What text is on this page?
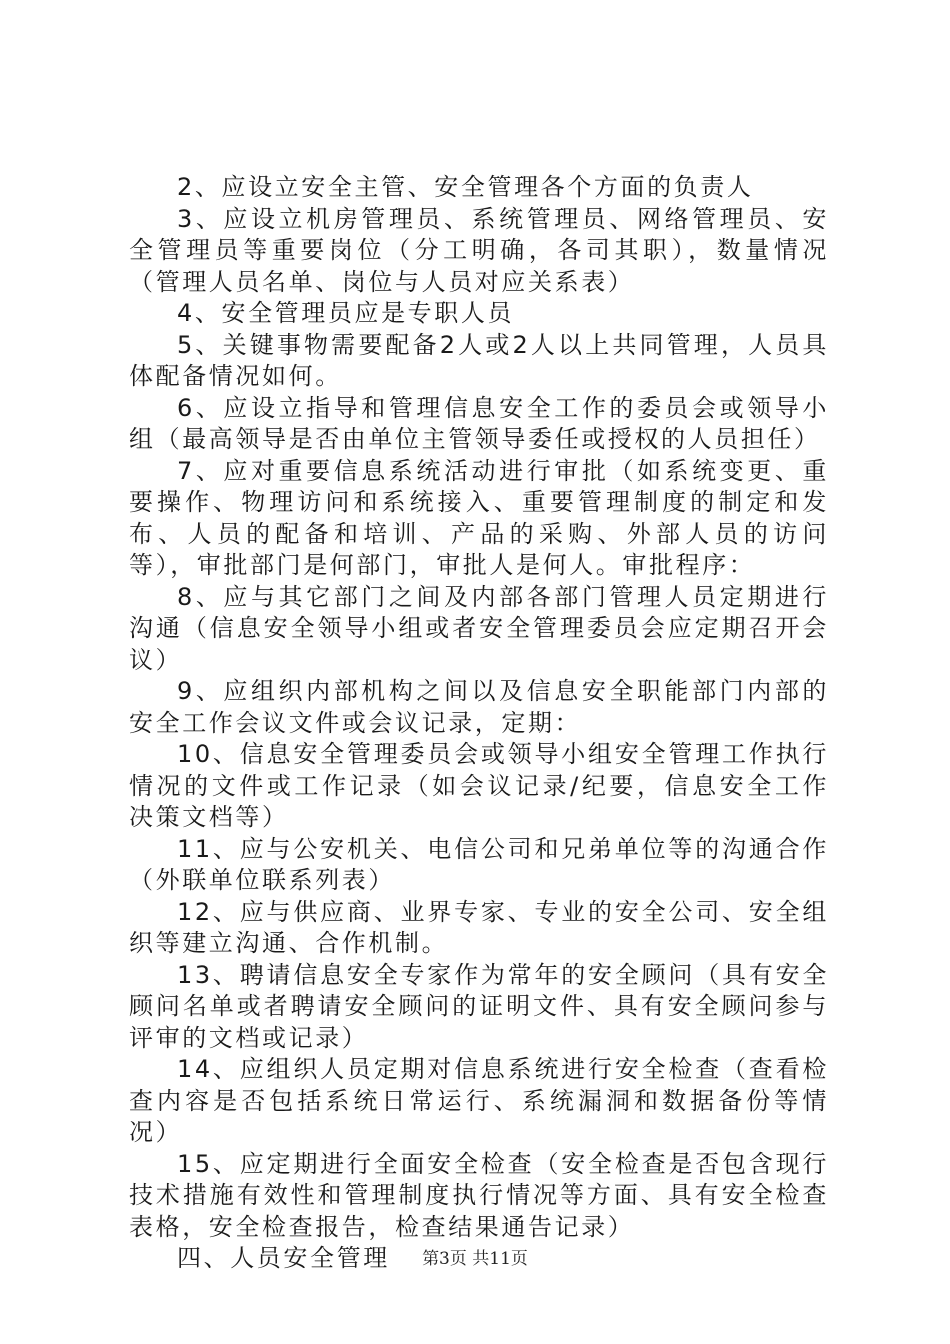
2、应设立安全主管、安全管理各个方面的负责人

3、应设立机房管理员、系统管理员、网络管理员、安全管理员等重要岗位（分工明确，各司其职），数量情况（管理人员名单、岗位与人员对应关系表）

4、安全管理员应是专职人员

5、关键事物需要配备2人或2人以上共同管理，人员具体配备情况如何。

6、应设立指导和管理信息安全工作的委员会或领导小组（最高领导是否由单位主管领导委任或授权的人员担任）

7、应对重要信息系统活动进行审批（如系统变更、重要操作、物理访问和系统接入、重要管理制度的制定和发布、人员的配备和培训、产品的采购、外部人员的访问等），审批部门是何部门，审批人是何人。审批程序：

8、应与其它部门之间及内部各部门管理人员定期进行沟通（信息安全领导小组或者安全管理委员会应定期召开会议）

9、应组织内部机构之间以及信息安全职能部门内部的安全工作会议文件或会议记录，定期：

10、信息安全管理委员会或领导小组安全管理工作执行情况的文件或工作记录（如会议记录/纪要，信息安全工作决策文档等）

11、应与公安机关、电信公司和兄弟单位等的沟通合作（外联单位联系列表）

12、应与供应商、业界专家、专业的安全公司、安全组织等建立沟通、合作机制。

13、聘请信息安全专家作为常年的安全顾问（具有安全顾问名单或者聘请安全顾问的证明文件、具有安全顾问参与评审的文档或记录）

14、应组织人员定期对信息系统进行安全检查（查看检查内容是否包括系统日常运行、系统漏洞和数据备份等情况）

15、应定期进行全面安全检查（安全检查是否包含现行技术措施有效性和管理制度执行情况等方面、具有安全检查表格，安全检查报告，检查结果通告记录）

四、人员安全管理	第3页 共11页
